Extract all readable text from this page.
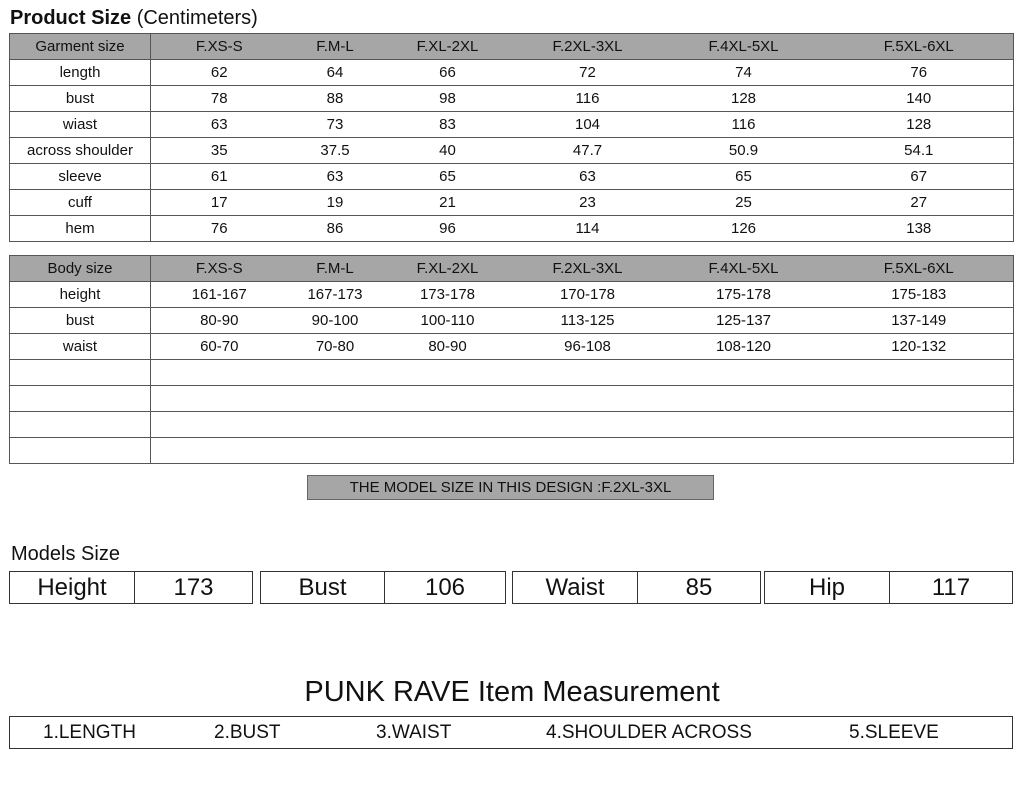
Product Size (Centimeters)
Garment size	F.XS-S	F.M-L	F.XL-2XL	F.2XL-3XL	F.4XL-5XL	F.5XL-6XL
length	62	64	66	72	74	76
bust	78	88	98	116	128	140
wiast	63	73	83	104	116	128
across shoulder	35	37.5	40	47.7	50.9	54.1
sleeve	61	63	65	63	65	67
cuff	17	19	21	23	25	27
hem	76	86	96	114	126	138
Body size	F.XS-S	F.M-L	F.XL-2XL	F.2XL-3XL	F.4XL-5XL	F.5XL-6XL
height	161-167	167-173	173-178	170-178	175-178	175-183
bust	80-90	90-100	100-110	113-125	125-137	137-149
waist	60-70	70-80	80-90	96-108	108-120	120-132

THE MODEL SIZE IN THIS DESIGN :F.2XL-3XL
Models Size
Height	173	Bust	106	Waist	85	Hip	117
PUNK RAVE Item Measurement
1.LENGTH	2.BUST	3.WAIST	4.SHOULDER ACROSS	5.SLEEVE
